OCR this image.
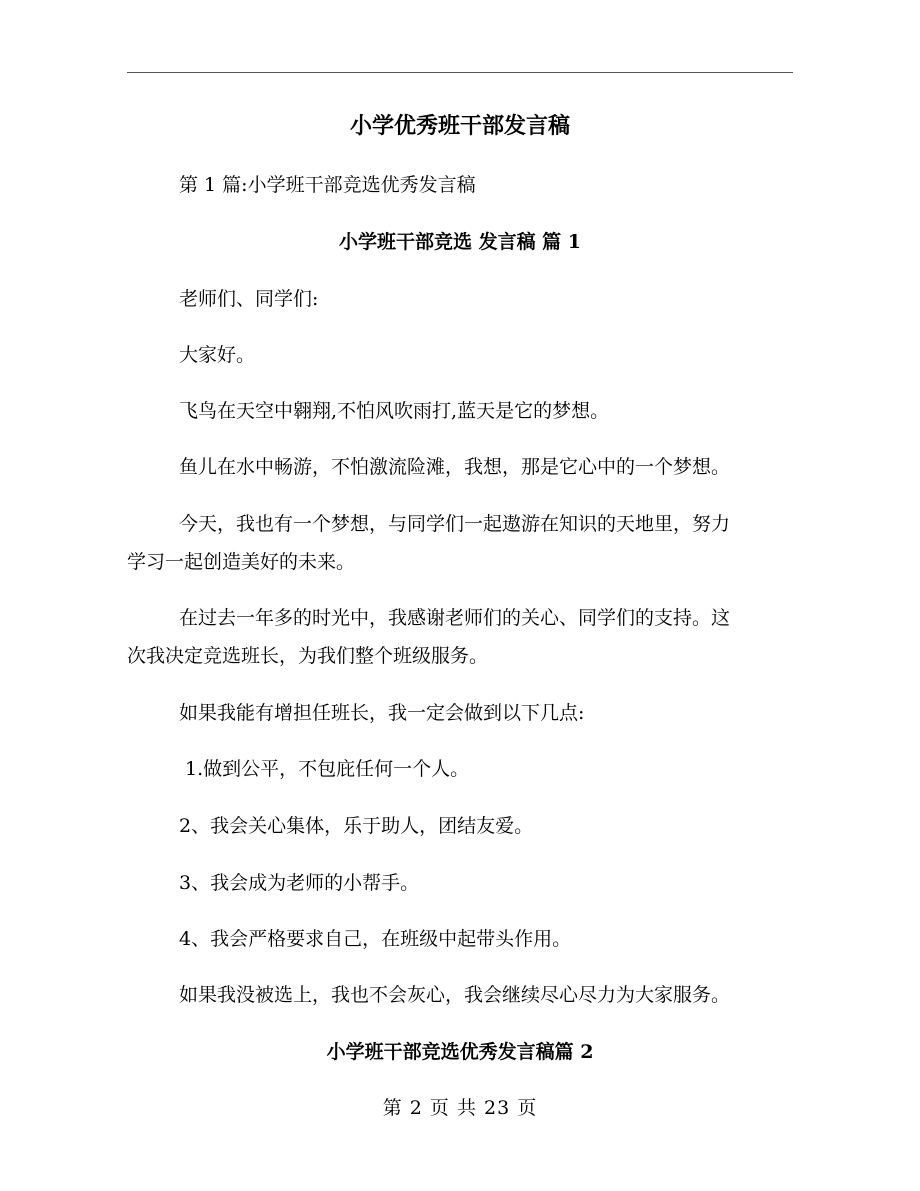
小学优秀班干部发言稿
第 1 篇:小学班干部竞选优秀发言稿
小学班干部竞选 发言稿 篇 1
老师们、同学们:
大家好。
飞鸟在天空中翱翔,不怕风吹雨打,蓝天是它的梦想。
鱼儿在水中畅游，不怕激流险滩，我想，那是它心中的一个梦想。
今天，我也有一个梦想，与同学们一起遨游在知识的天地里，努力
学习一起创造美好的未来。
在过去一年多的时光中，我感谢老师们的关心、同学们的支持。这
次我决定竞选班长，为我们整个班级服务。
如果我能有增担任班长，我一定会做到以下几点:
1.做到公平，不包庇任何一个人。
2、我会关心集体，乐于助人，团结友爱。
3、我会成为老师的小帮手。
4、我会严格要求自己，在班级中起带头作用。
如果我没被选上，我也不会灰心，我会继续尽心尽力为大家服务。
小学班干部竞选优秀发言稿篇 2
第 2 页 共 23 页
